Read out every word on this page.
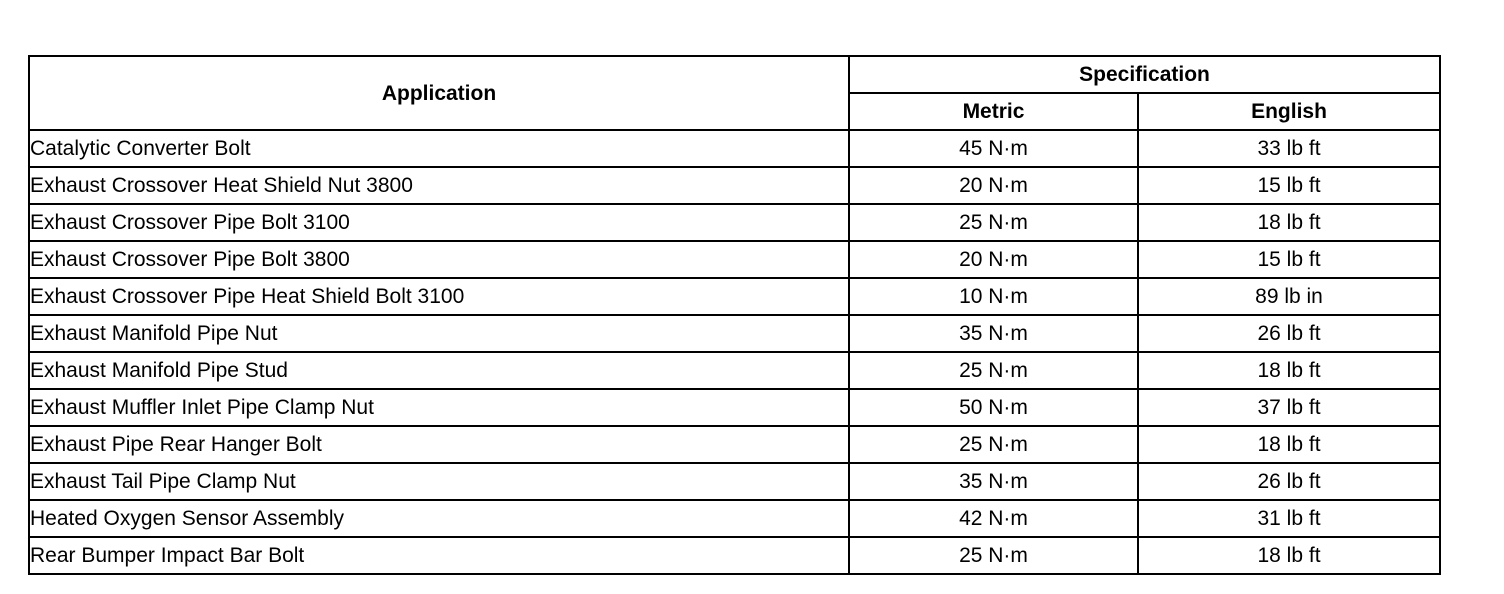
Application	Specification	
	Metric	English
Catalytic Converter Bolt	45 N·m	33 lb ft
Exhaust Crossover Heat Shield Nut 3800	20 N·m	15 lb ft
Exhaust Crossover Pipe Bolt 3100	25 N·m	18 lb ft
Exhaust Crossover Pipe Bolt 3800	20 N·m	15 lb ft
Exhaust Crossover Pipe Heat Shield Bolt 3100	10 N·m	89 lb in
Exhaust Manifold Pipe Nut	35 N·m	26 lb ft
Exhaust Manifold Pipe Stud	25 N·m	18 lb ft
Exhaust Muffler Inlet Pipe Clamp Nut	50 N·m	37 lb ft
Exhaust Pipe Rear Hanger Bolt	25 N·m	18 lb ft
Exhaust Tail Pipe Clamp Nut	35 N·m	26 lb ft
Heated Oxygen Sensor Assembly	42 N·m	31 lb ft
Rear Bumper Impact Bar Bolt	25 N·m	18 lb ft
